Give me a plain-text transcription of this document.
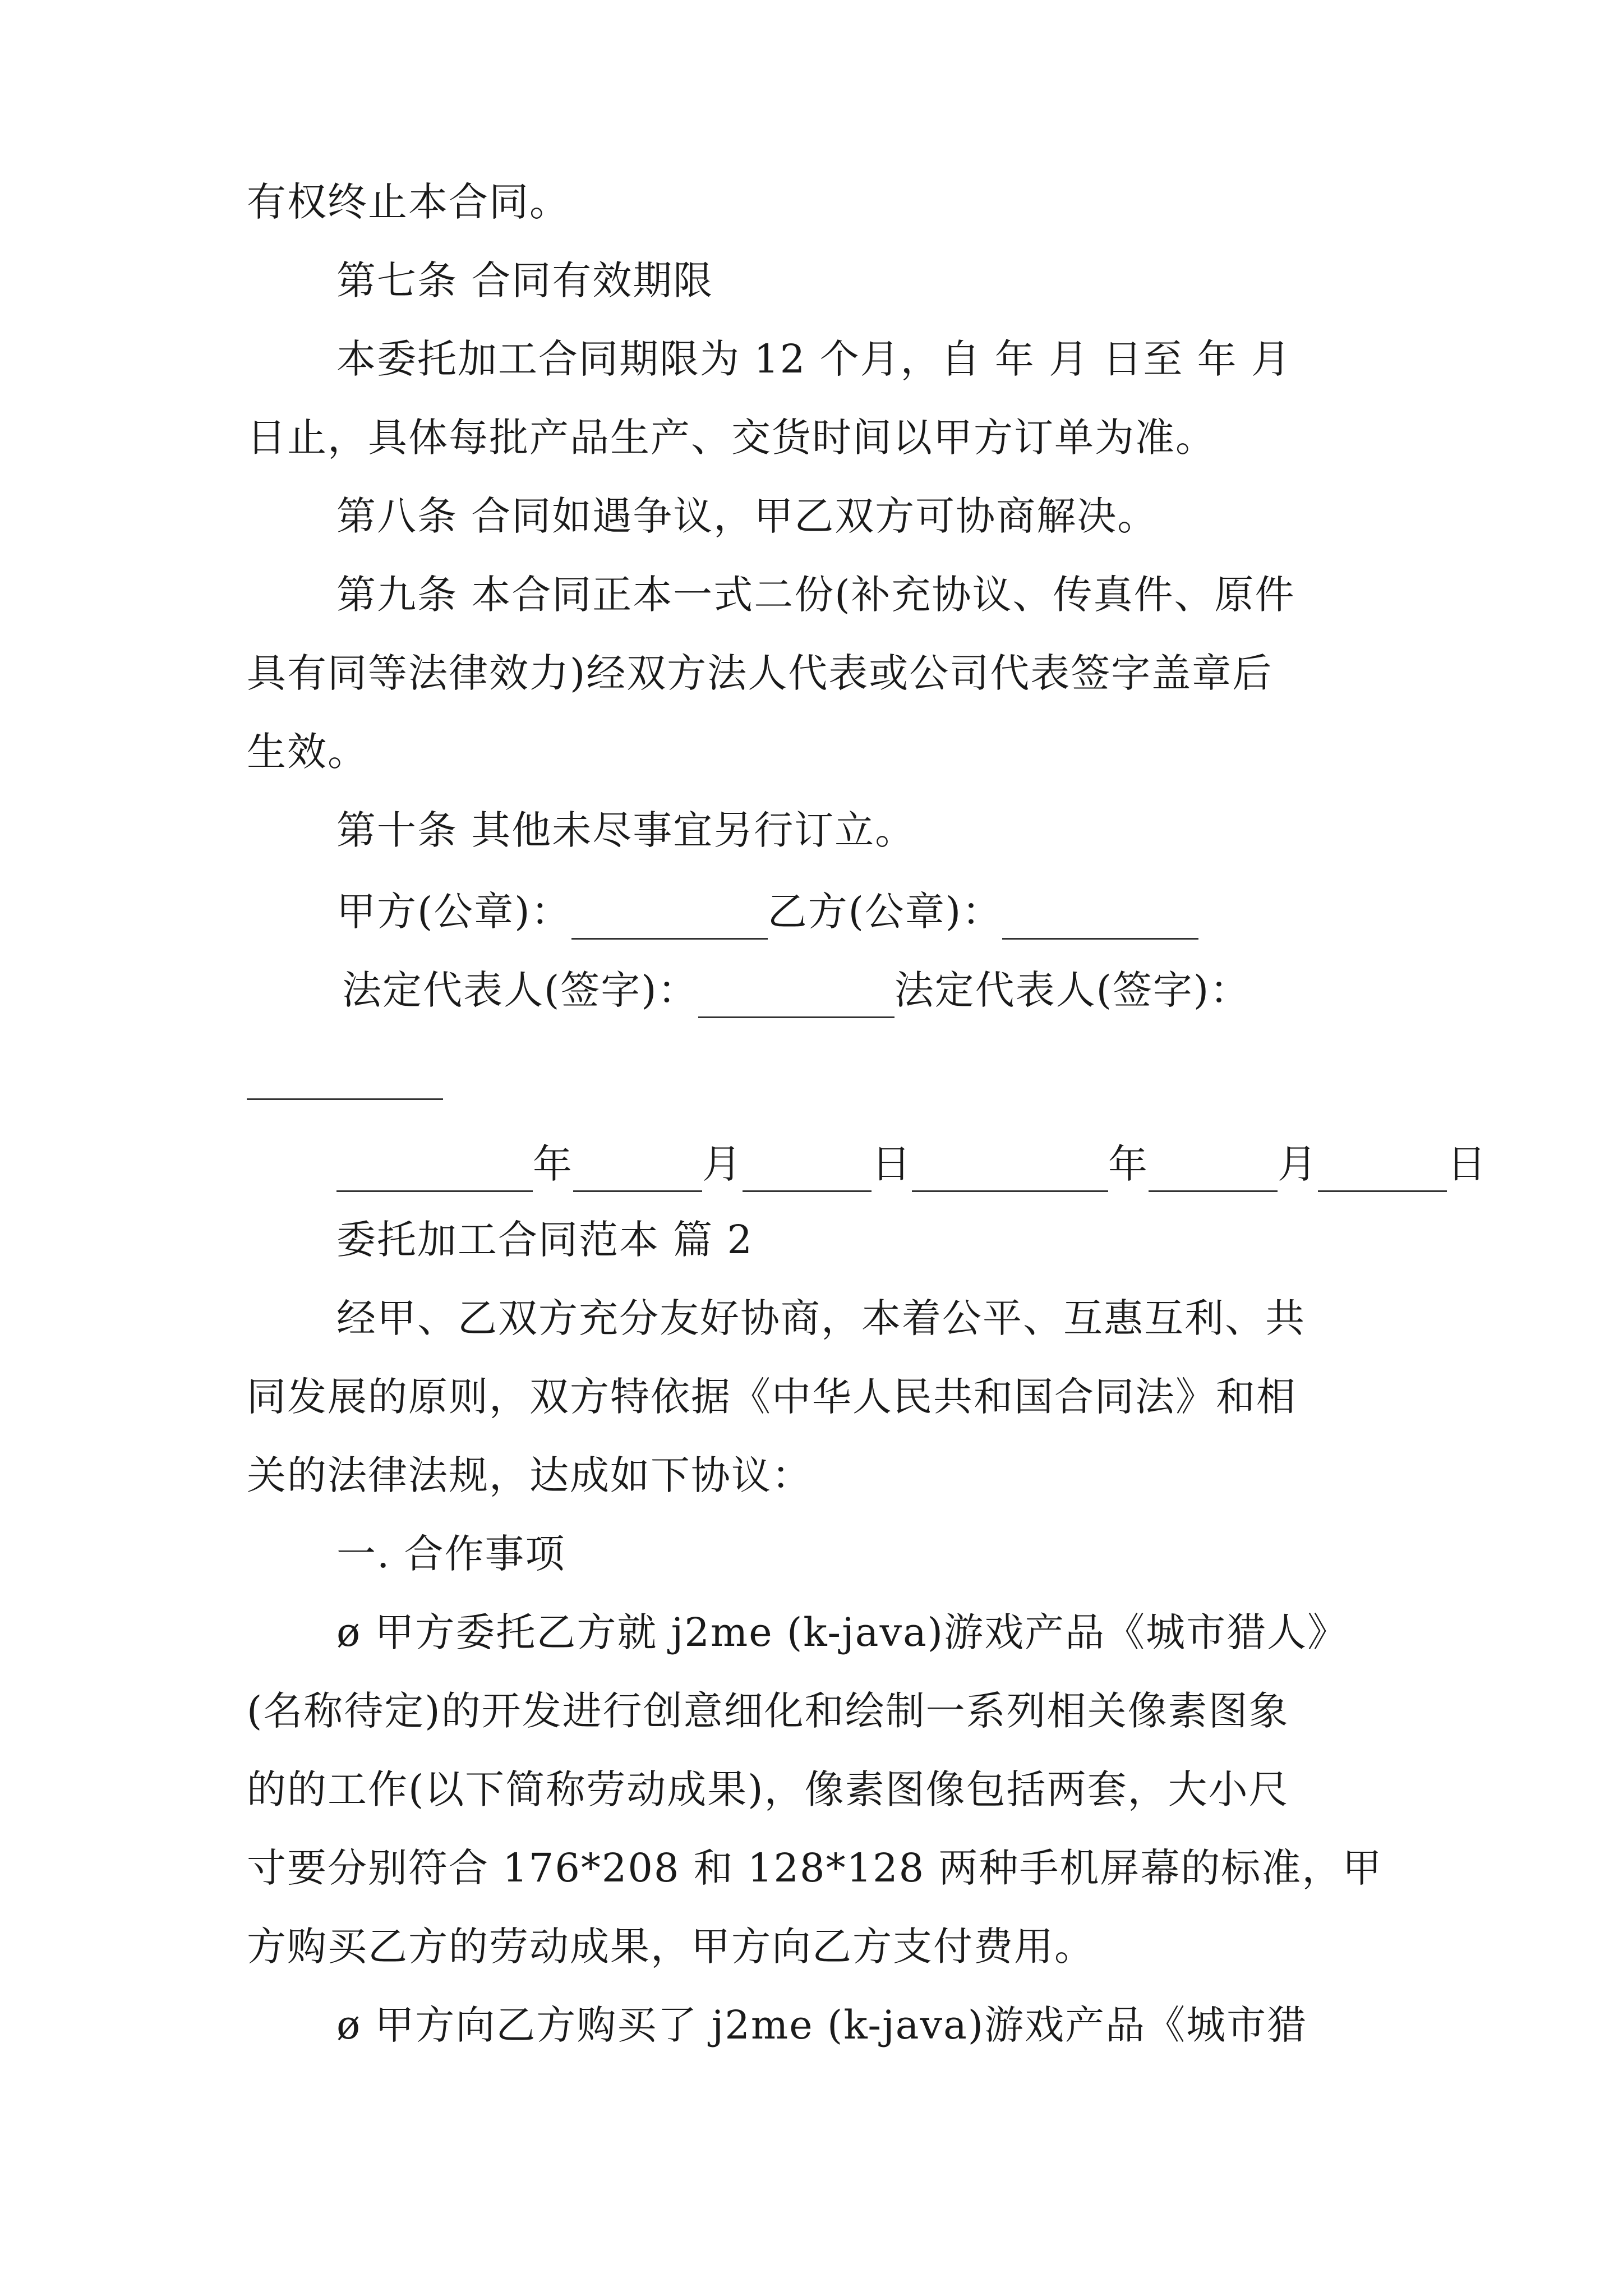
有权终止本合同。
第七条 合同有效期限
本委托加工合同期限为 12 个月，自 年 月 日至 年 月
日止，具体每批产品生产、交货时间以甲方订单为准。
第八条 合同如遇争议，甲乙双方可协商解决。
第九条 本合同正本一式二份(补充协议、传真件、原件
具有同等法律效力)经双方法人代表或公司代表签字盖章后
生效。
第十条 其他未尽事宜另行订立。
甲方(公章)：	乙方(公章)：
法定代表人(签字)：	法定代表人(签字)：
年	月	日	年	月	日
委托加工合同范本 篇 2
经甲、乙双方充分友好协商，本着公平、互惠互利、共
同发展的原则，双方特依据《中华人民共和国合同法》和相
关的法律法规，达成如下协议：
一. 合作事项
ø 甲方委托乙方就 j2me (k-java)游戏产品《城市猎人》
(名称待定)的开发进行创意细化和绘制一系列相关像素图象
的的工作(以下简称劳动成果)，像素图像包括两套，大小尺
寸要分别符合 176*208 和 128*128 两种手机屏幕的标准，甲
方购买乙方的劳动成果，甲方向乙方支付费用。
ø 甲方向乙方购买了 j2me (k-java)游戏产品《城市猎
